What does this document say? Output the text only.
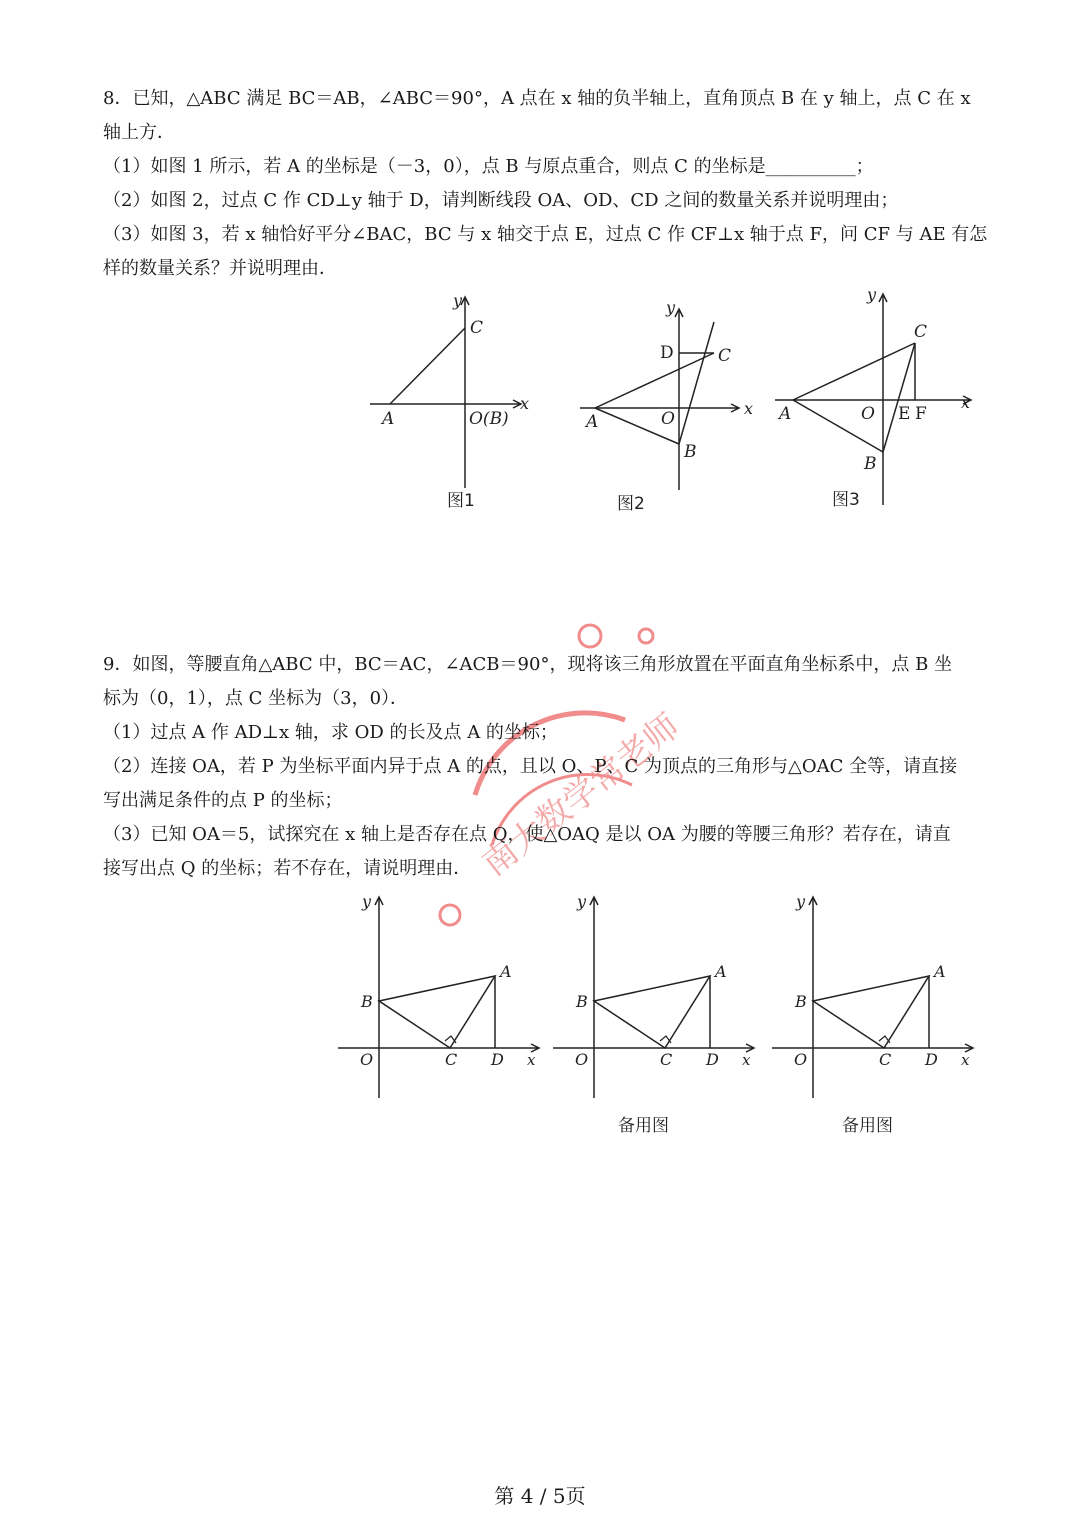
8．已知，△ABC 满足 BC＝AB，∠ABC＝90°，A 点在 x 轴的负半轴上，直角顶点 B 在 y 轴上，点 C 在 x
轴上方．
（1）如图 1 所示，若 A 的坐标是（－3，0），点 B 与原点重合，则点 C 的坐标是__________；
（2）如图 2，过点 C 作 CD⊥y 轴于 D，请判断线段 OA、OD、CD 之间的数量关系并说明理由；
（3）如图 3，若 x 轴恰好平分∠BAC，BC 与 x 轴交于点 E，过点 C 作 CF⊥x 轴于点 F，问 CF 与 AE 有怎
样的数量关系？并说明理由．
x
y
C
A	O(B)
图1
x
y
D	C
A	O
B
图2
x
y
C
A	O E F
B
图3
南大数学常老师
9．如图，等腰直角△ABC 中，BC＝AC，∠ACB＝90°，现将该三角形放置在平面直角坐标系中，点 B 坐
标为（0，1），点 C 坐标为（3，0）．
（1）过点 A 作 AD⊥x 轴，求 OD 的长及点 A 的坐标；
（2）连接 OA，若 P 为坐标平面内异于点 A 的点，且以 O、P、C 为顶点的三角形与△OAC 全等，请直接
写出满足条件的点 P 的坐标；
（3）已知 OA＝5，试探究在 x 轴上是否存在点 Q，使△OAQ 是以 OA 为腰的等腰三角形？若存在，请直
接写出点 Q 的坐标；若不存在，请说明理由．
y
x
B
A
O	C D
y
x
B
A
O	C D
备用图
y
x
B
A
O	C D
备用图
第 4 / 5页
